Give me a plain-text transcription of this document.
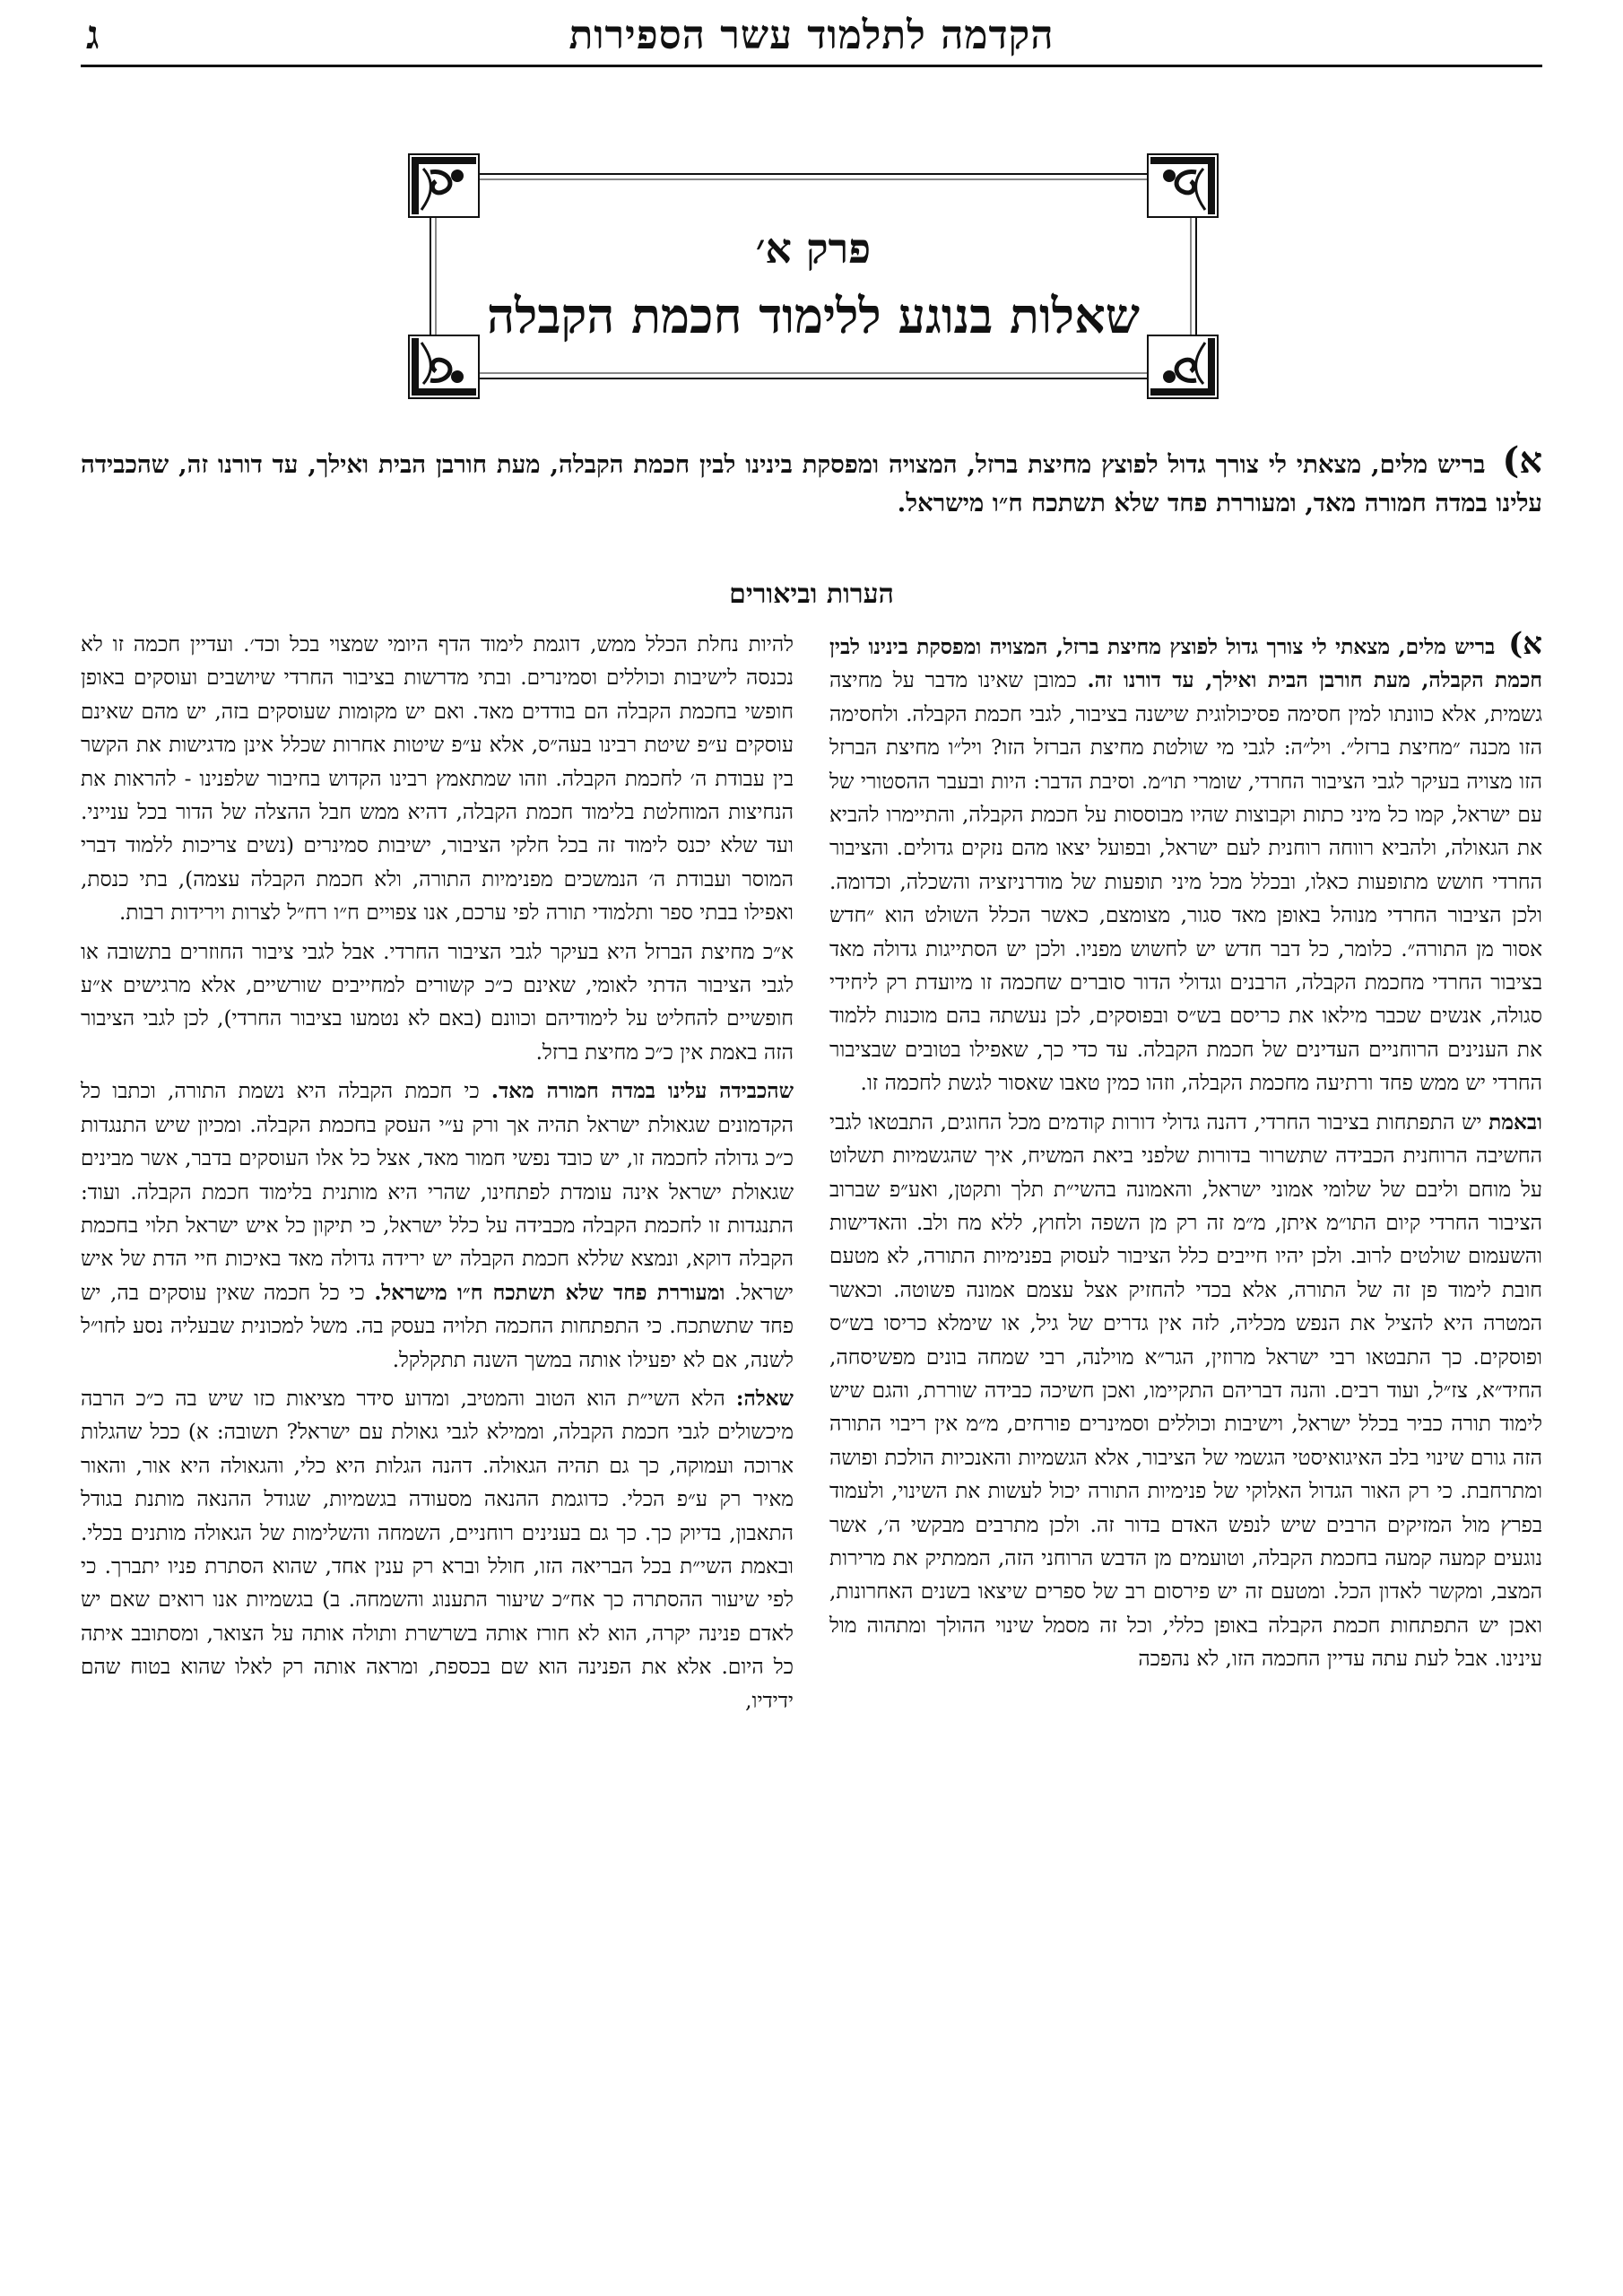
הקדמה לתלמוד עשר הספירות
ג
פרק א׳
שאלות בנוגע ללימוד חכמת הקבלה
א) בריש מלים, מצאתי לי צורך גדול לפוצץ מחיצת ברזל, המצויה ומפסקת בינינו לבין חכמת הקבלה, מעת חורבן הבית ואילך, עד דורנו זה, שהכבידה עלינו במדה חמורה מאד, ומעוררת פחד שלא תשתכח ח״ו מישראל.
הערות וביאורים

א) בריש מלים, מצאתי לי צורך גדול לפוצץ מחיצת ברזל, המצויה ומפסקת בינינו לבין חכמת הקבלה, מעת חורבן הבית ואילך, עד דורנו זה. כמובן שאינו מדבר על מחיצה גשמית, אלא כוונתו למין חסימה פסיכולוגית שישנה בציבור, לגבי חכמת הקבלה. ולחסימה הזו מכנה ״מחיצת ברזל״. ויל״ה: לגבי מי שולטת מחיצת הברזל הזו? ויל״ו מחיצת הברזל הזו מצויה בעיקר לגבי הציבור החרדי, שומרי תו״מ. וסיבת הדבר: היות ובעבר ההסטורי של עם ישראל, קמו כל מיני כתות וקבוצות שהיו מבוססות על חכמת הקבלה, והתיימרו להביא את הגאולה, ולהביא רווחה רוחנית לעם ישראל, ובפועל יצאו מהם נזקים גדולים. והציבור החרדי חושש מתופעות כאלו, ובכלל מכל מיני תופעות של מודרניזציה והשכלה, וכדומה. ולכן הציבור החרדי מנוהל באופן מאד סגור, מצומצם, כאשר הכלל השולט הוא ״חדש אסור מן התורה״. כלומר, כל דבר חדש יש לחשוש מפניו. ולכן יש הסתייגות גדולה מאד בציבור החרדי מחכמת הקבלה, הרבנים וגדולי הדור סוברים שחכמה זו מיועדת רק ליחידי סגולה, אנשים שכבר מילאו את כריסם בש״ס ובפוסקים, לכן נעשתה בהם מוכנות ללמוד את הענינים הרוחניים העדינים של חכמת הקבלה. עד כדי כך, שאפילו בטובים שבציבור החרדי יש ממש פחד ורתיעה מחכמת הקבלה, וזהו כמין טאבו שאסור לגשת לחכמה זו.

ובאמת יש התפתחות בציבור החרדי, דהנה גדולי דורות קודמים מכל החוגים, התבטאו לגבי החשיבה הרוחנית הכבידה שתשרור בדורות שלפני ביאת המשיח, איך שהגשמיות תשלוט על מוחם וליבם של שלומי אמוני ישראל, והאמונה בהשי״ת תלך ותקטן, ואע״פ שברוב הציבור החרדי קיום התו״מ איתן, מ״מ זה רק מן השפה ולחוץ, ללא מח ולב. והאדישות והשעמום שולטים לרוב. ולכן יהיו חייבים כלל הציבור לעסוק בפנימיות התורה, לא מטעם חובת לימוד פן זה של התורה, אלא בכדי להחזיק אצל עצמם אמונה פשוטה. וכאשר המטרה היא להציל את הנפש מכליה, לזה אין גדרים של גיל, או שימלא כריסו בש״ס ופוסקים. כך התבטאו רבי ישראל מרוזין, הגר״א מוילנה, רבי שמחה בונים מפשיסחה, החיד״א, צז״ל, ועוד רבים. והנה דבריהם התקיימו, ואכן חשיכה כבידה שוררת, והגם שיש לימוד תורה כביר בכלל ישראל, וישיבות וכוללים וסמינרים פורחים, מ״מ אין ריבוי התורה הזה גורם שינוי בלב האיגואיסטי הגשמי של הציבור, אלא הגשמיות והאנכיות הולכת ופושה ומתרחבת. כי רק האור הגדול האלוקי של פנימיות התורה יכול לעשות את השינוי, ולעמוד בפרץ מול המזיקים הרבים שיש לנפש האדם בדור זה. ולכן מתרבים מבקשי ה׳, אשר נוגעים קמעה קמעה בחכמת הקבלה, וטועמים מן הדבש הרוחני הזה, הממתיק את מרירות המצב, ומקשר לאדון הכל. ומטעם זה יש פירסום רב של ספרים שיצאו בשנים האחרונות, ואכן יש התפתחות חכמת הקבלה באופן כללי, וכל זה מסמל שינוי ההולך ומתהוה מול עינינו. אבל לעת עתה עדיין החכמה הזו, לא נהפכה

להיות נחלת הכלל ממש, דוגמת לימוד הדף היומי שמצוי בכל וכד׳. ועדיין חכמה זו לא נכנסה לישיבות וכוללים וסמינרים. ובתי מדרשות בציבור החרדי שיושבים ועוסקים באופן חופשי בחכמת הקבלה הם בודדים מאד. ואם יש מקומות שעוסקים בזה, יש מהם שאינם עוסקים ע״פ שיטת רבינו בעה״ס, אלא ע״פ שיטות אחרות שכלל אינן מדגישות את הקשר בין עבודת ה׳ לחכמת הקבלה. וזהו שמתאמץ רבינו הקדוש בחיבור שלפנינו - להראות את הנחיצות המוחלטת בלימוד חכמת הקבלה, דהיא ממש חבל ההצלה של הדור בכל ענייני. ועד שלא יכנס לימוד זה בכל חלקי הציבור, ישיבות סמינרים (נשים צריכות ללמוד דברי המוסר ועבודת ה׳ הנמשכים מפנימיות התורה, ולא חכמת הקבלה עצמה), בתי כנסת, ואפילו בבתי ספר ותלמודי תורה לפי ערכם, אנו צפויים ח״ו רח״ל לצרות וירידות רבות.

א״כ מחיצת הברזל היא בעיקר לגבי הציבור החרדי. אבל לגבי ציבור החוזרים בתשובה או לגבי הציבור הדתי לאומי, שאינם כ״כ קשורים למחייבים שורשיים, אלא מרגישים א״ע חופשיים להחליט על לימודיהם וכוונם (באם לא נטמעו בציבור החרדי), לכן לגבי הציבור הזה באמת אין כ״כ מחיצת ברזל.

שהכבידה עלינו במדה חמורה מאד. כי חכמת הקבלה היא נשמת התורה, וכתבו כל הקדמונים שגאולת ישראל תהיה אך ורק ע״י העסק בחכמת הקבלה. ומכיון שיש התנגדות כ״כ גדולה לחכמה זו, יש כובד נפשי חמור מאד, אצל כל אלו העוסקים בדבר, אשר מבינים שגאולת ישראל אינה עומדת לפתחינו, שהרי היא מותנית בלימוד חכמת הקבלה. ועוד: התנגדות זו לחכמת הקבלה מכבידה על כלל ישראל, כי תיקון כל איש ישראל תלוי בחכמת הקבלה דוקא, ונמצא שללא חכמת הקבלה יש ירידה גדולה מאד באיכות חיי הדת של איש ישראל. ומעוררת פחד שלא תשתכח ח״ו מישראל. כי כל חכמה שאין עוסקים בה, יש פחד שתשתכח. כי התפתחות החכמה תלויה בעסק בה. משל למכונית שבעליה נסע לחו״ל לשנה, אם לא יפעילו אותה במשך השנה תתקלקל.

שאלה: הלא השי״ת הוא הטוב והמטיב, ומדוע סידר מציאות כזו שיש בה כ״כ הרבה מיכשולים לגבי חכמת הקבלה, וממילא לגבי גאולת עם ישראל? תשובה: א) ככל שהגלות ארוכה ועמוקה, כך גם תהיה הגאולה. דהנה הגלות היא כלי, והגאולה היא אור, והאור מאיר רק ע״פ הכלי. כדוגמת ההנאה מסעודה בגשמיות, שגודל ההנאה מותנת בגודל התאבון, בדיוק כך. כך גם בענינים רוחניים, השמחה והשלימות של הגאולה מותנים בכלי. ובאמת השי״ת בכל הבריאה הזו, חולל וברא רק ענין אחד, שהוא הסתרת פניו יתברך. כי לפי שיעור ההסתרה כך אח״כ שיעור התענוג והשמחה. ב) בגשמיות אנו רואים שאם יש לאדם פנינה יקרה, הוא לא חורז אותה בשרשרת ותולה אותה על הצואר, ומסתובב איתה כל היום. אלא את הפנינה הוא שם בכספת, ומראה אותה רק לאלו שהוא בטוח שהם ידידיו,
